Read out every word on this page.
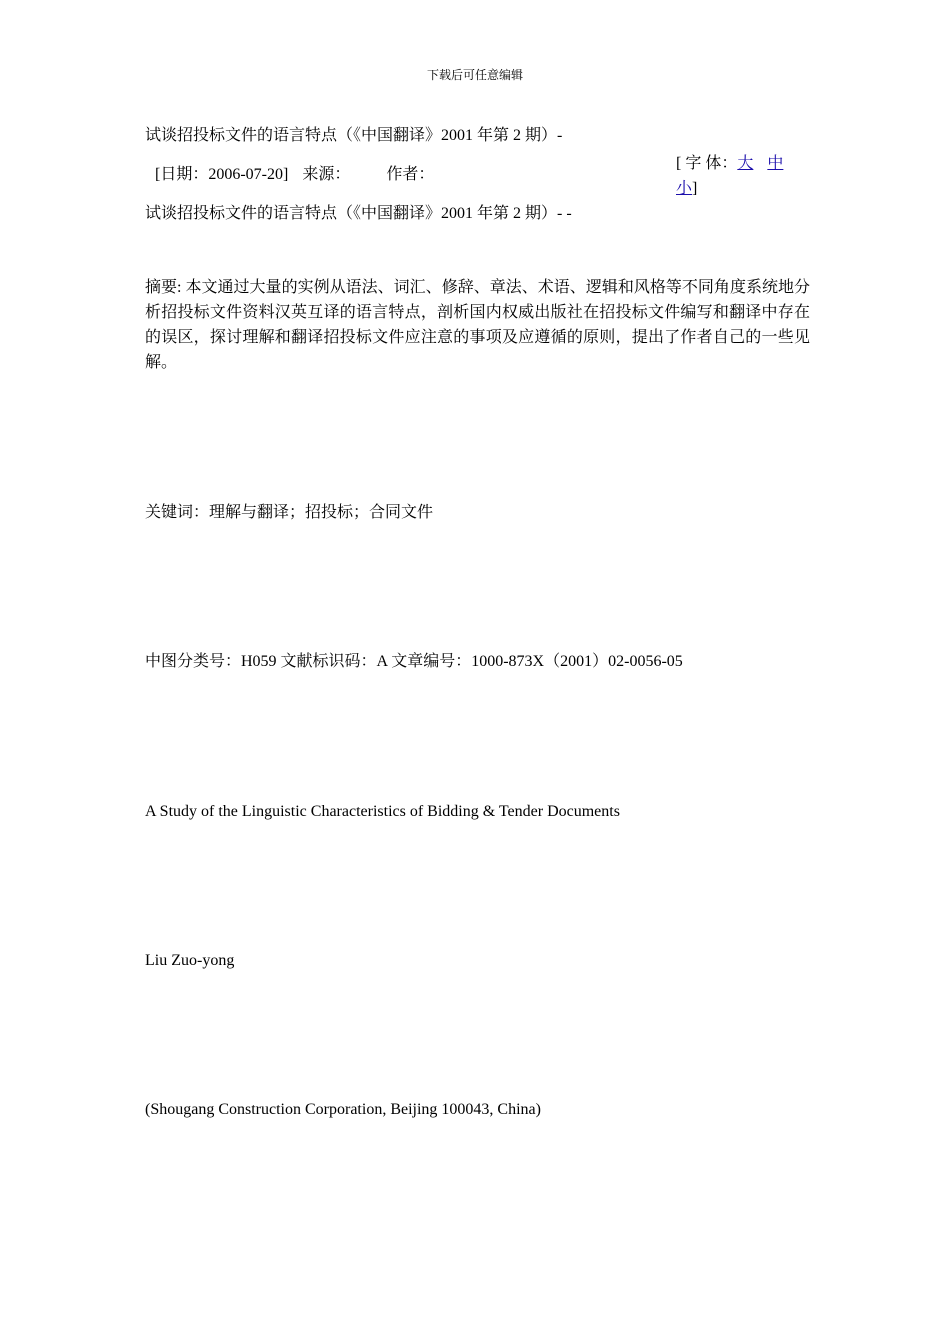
下载后可任意编辑
试谈招投标文件的语言特点（《中国翻译》2001 年第 2 期）-
[日期：2006-07-20] 来源： 作者：
[ 字 体：大 中
小]
试谈招投标文件的语言特点（《中国翻译》2001 年第 2 期）- -
摘要: 本文通过大量的实例从语法、词汇、修辞、章法、术语、逻辑和风格等不同角度系统地分析招投标文件资料汉英互译的语言特点，剖析国内权威出版社在招投标文件编写和翻译中存在的误区，探讨理解和翻译招投标文件应注意的事项及应遵循的原则，提出了作者自己的一些见解。
关键词：理解与翻译；招投标；合同文件
中图分类号：H059 文献标识码：A 文章编号：1000-873X（2001）02-0056-05
A Study of the Linguistic Characteristics of Bidding & Tender Documents
Liu Zuo-yong
(Shougang Construction Corporation, Beijing 100043, China)
